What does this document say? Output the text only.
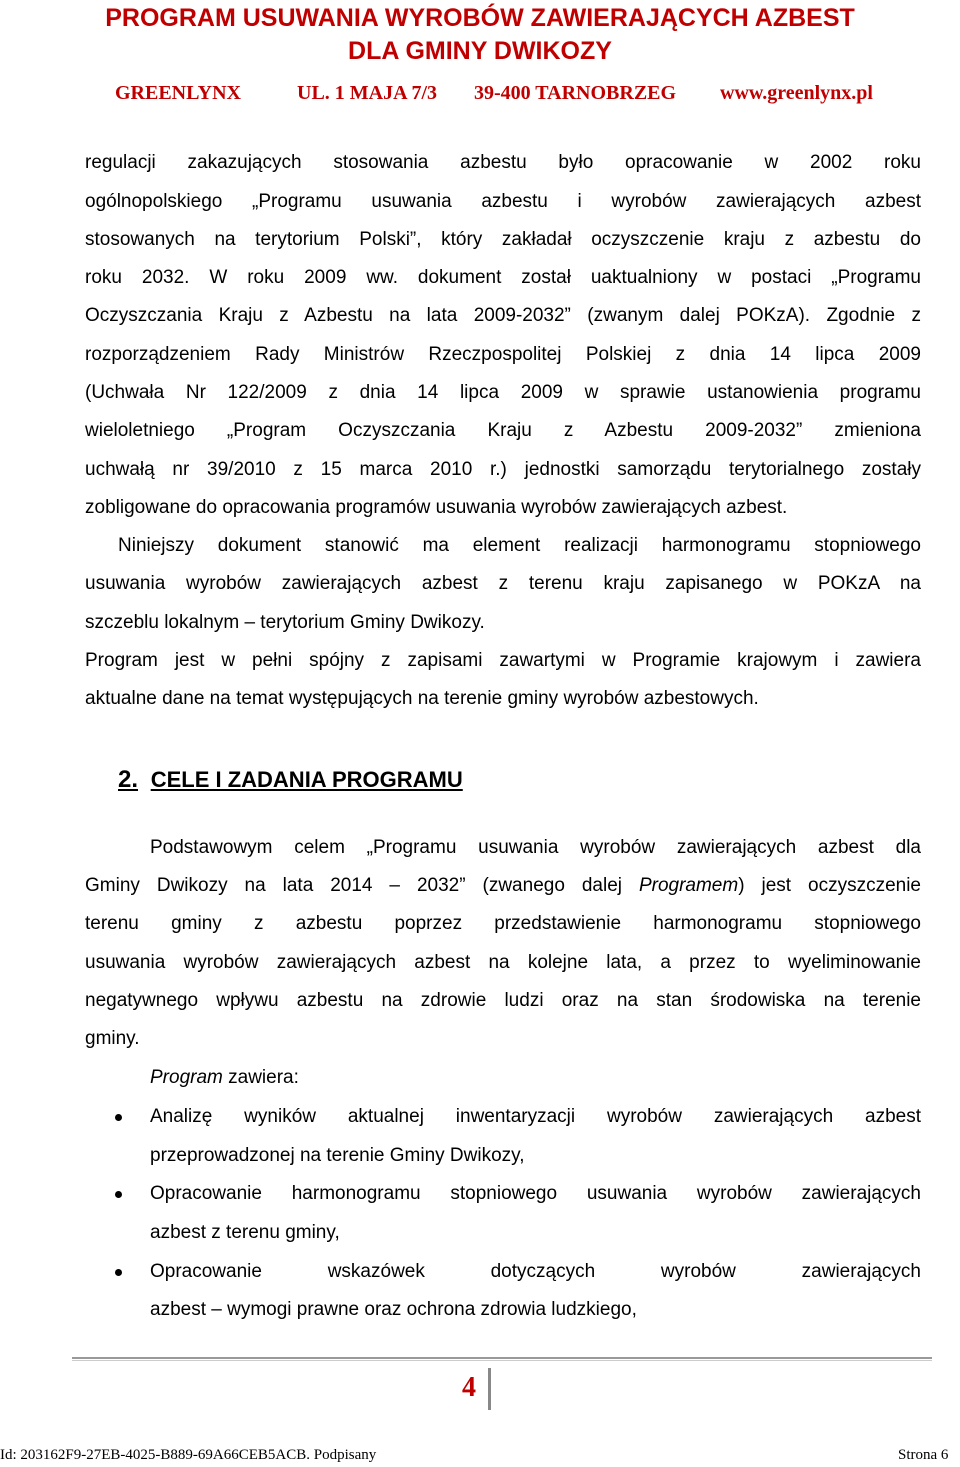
PROGRAM USUWANIA WYROBÓW ZAWIERAJĄCYCH AZBEST
DLA GMINY DWIKOZY
GREENLYNX	UL. 1 MAJA 7/3 39-400 TARNOBRZEG www.greenlynx.pl
regulacji zakazujących stosowania azbestu było opracowanie w 2002 roku
ogólnopolskiego „Programu usuwania azbestu i wyrobów zawierających azbest
stosowanych na terytorium Polski”, który zakładał oczyszczenie kraju z azbestu do
roku 2032. W roku 2009 ww. dokument został uaktualniony w postaci „Programu
Oczyszczania Kraju z Azbestu na lata 2009-2032” (zwanym dalej POKzA). Zgodnie z
rozporządzeniem Rady Ministrów Rzeczpospolitej Polskiej z dnia 14 lipca 2009
(Uchwała Nr 122/2009 z dnia 14 lipca 2009 w sprawie ustanowienia programu
wieloletniego „Program Oczyszczania Kraju z Azbestu 2009-2032” zmieniona
uchwałą nr 39/2010 z 15 marca 2010 r.) jednostki samorządu terytorialnego zostały
zobligowane do opracowania programów usuwania wyrobów zawierających azbest.
Niniejszy dokument stanowić ma element realizacji harmonogramu stopniowego
usuwania wyrobów zawierających azbest z terenu kraju zapisanego w POKzA na
szczeblu lokalnym – terytorium Gminy Dwikozy.
Program jest w pełni spójny z zapisami zawartymi w Programie krajowym i zawiera
aktualne dane na temat występujących na terenie gminy wyrobów azbestowych.
2. CELE I ZADANIA PROGRAMU
Podstawowym celem „Programu usuwania wyrobów zawierających azbest dla
Gminy Dwikozy na lata 2014 – 2032” (zwanego dalej Programem) jest oczyszczenie
terenu gminy z azbestu poprzez przedstawienie harmonogramu stopniowego
usuwania wyrobów zawierających azbest na kolejne lata, a przez to wyeliminowanie
negatywnego wpływu azbestu na zdrowie ludzi oraz na stan środowiska na terenie
gminy.
Program zawiera:
Analizę wyników aktualnej inwentaryzacji wyrobów zawierających azbest
przeprowadzonej na terenie Gminy Dwikozy,
Opracowanie harmonogramu stopniowego usuwania wyrobów zawierających
azbest z terenu gminy,
Opracowanie wskazówek dotyczących wyrobów zawierających
azbest – wymogi prawne oraz ochrona zdrowia ludzkiego,
4
Id: 203162F9-27EB-4025-B889-69A66CEB5ACB. Podpisany	Strona 6
